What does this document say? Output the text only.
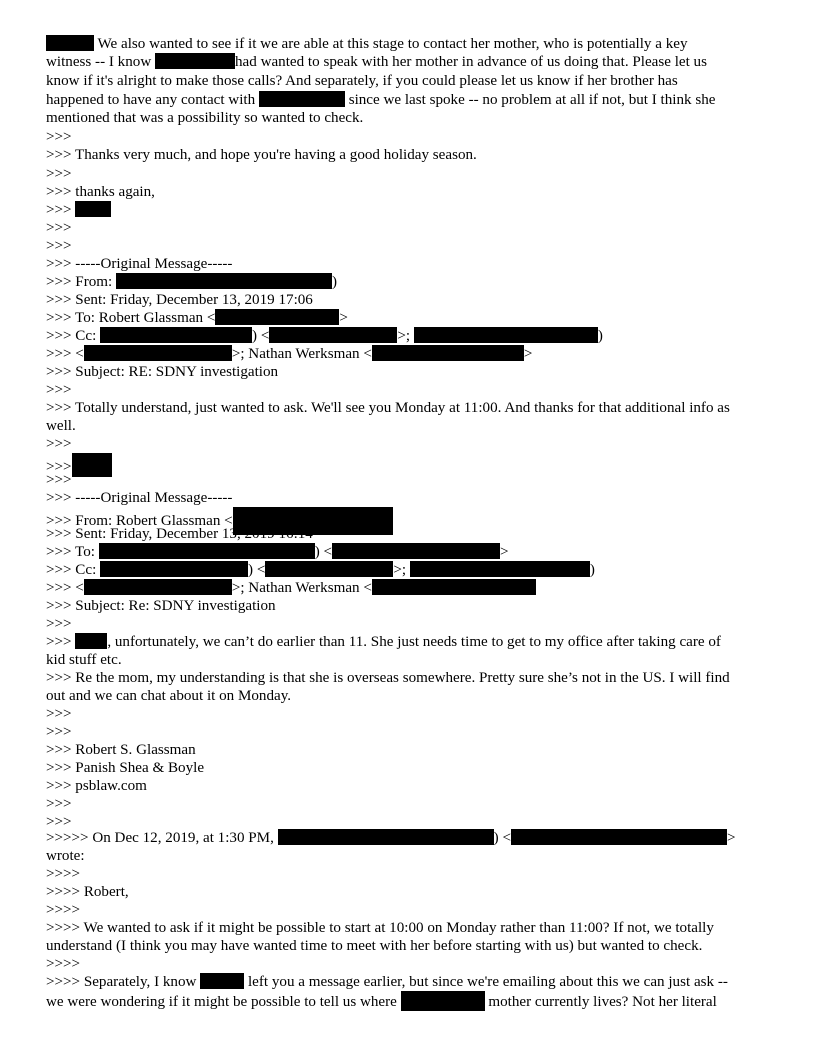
We also wanted to see if it we are able at this stage to contact her mother, who is potentially a key
witness -- I know	had wanted to speak with her mother in advance of us doing that. Please let us
know if it's alright to make those calls? And separately, if you could please let us know if her brother has
happened to have any contact with	since we last spoke -- no problem at all if not, but I think she
mentioned that was a possibility so wanted to check.
>>>
>>> Thanks very much, and hope you're having a good holiday season.
>>>
>>> thanks again,
>>>
>>>
>>>
>>> -----Original Message-----
>>> From:	)
>>> Sent: Friday, December 13, 2019 17:06
>>> To: Robert Glassman <	>
>>> Cc:	) <	>;	)
>>> <	>; Nathan Werksman <	>
>>> Subject: RE: SDNY investigation
>>>
>>> Totally understand, just wanted to ask. We'll see you Monday at 11:00. And thanks for that additional info as
well.
>>>
>>>
>>>
>>> -----Original Message-----
>>> From: Robert Glassman <
>>> Sent: Friday, December 13, 2019 16:14
>>> To:	) <	>
>>> Cc:	) <	>;	)
>>> <	>; Nathan Werksman <
>>> Subject: Re: SDNY investigation
>>>
>>> , unfortunately, we can’t do earlier than 11. She just needs time to get to my office after taking care of
kid stuff etc.
>>> Re the mom, my understanding is that she is overseas somewhere. Pretty sure she’s not in the US. I will find
out and we can chat about it on Monday.
>>>
>>>
>>> Robert S. Glassman
>>> Panish Shea & Boyle
>>> psblaw.com
>>>
>>>
>>>>> On Dec 12, 2019, at 1:30 PM,	) <	>
wrote:
>>>>
>>>> Robert,
>>>>
>>>> We wanted to ask if it might be possible to start at 10:00 on Monday rather than 11:00? If not, we totally
understand (I think you may have wanted time to meet with her before starting with us) but wanted to check.
>>>>
>>>> Separately, I know	left you a message earlier, but since we're emailing about this we can just ask --
we were wondering if it might be possible to tell us where	mother currently lives? Not her literal
